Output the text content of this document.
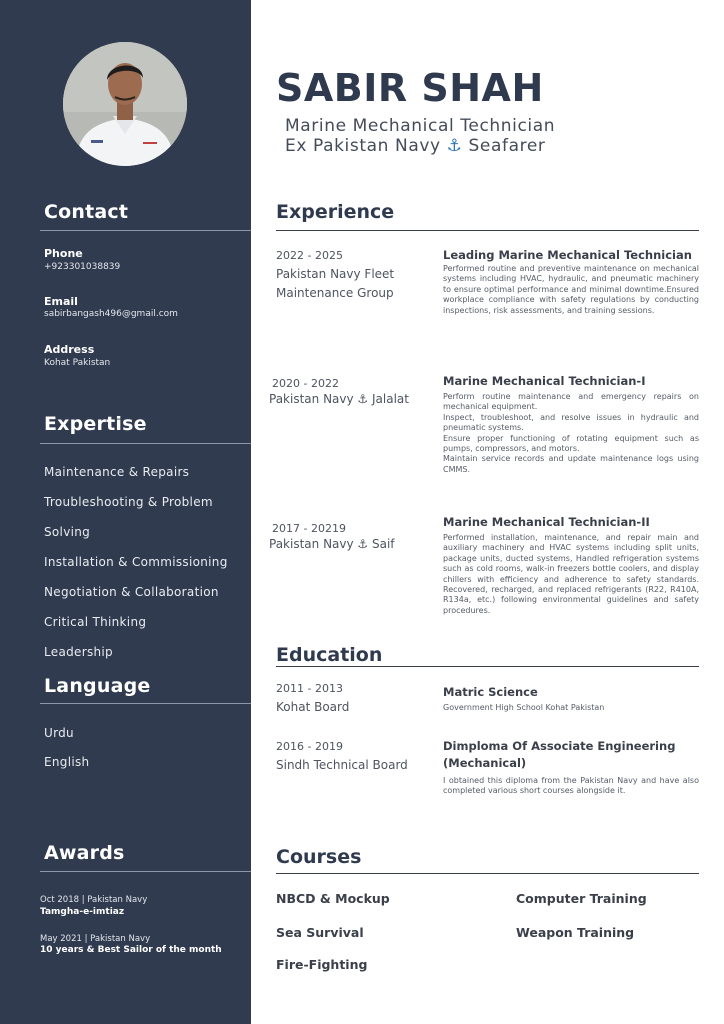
Contact
Phone
+923301038839
Email
sabirbangash496@gmail.com
Address
Kohat Pakistan
Expertise
Maintenance & Repairs
Troubleshooting & Problem
Solving
Installation & Commissioning
Negotiation & Collaboration
Critical Thinking
Leadership
Language
Urdu
English
Awards
Oct 2018 | Pakistan Navy
Tamgha-e-imtiaz
May 2021 | Pakistan Navy
10 years & Best Sailor of the month
SABIR SHAH
Marine Mechanical Technician
Ex Pakistan Navy ⚓ Seafarer
Experience
2022 - 2025
Pakistan Navy Fleet
Maintenance Group
Leading Marine Mechanical Technician
Performed routine and preventive maintenance on mechanical systems including HVAC, hydraulic, and pneumatic machinery to ensure optimal performance and minimal downtime.Ensured workplace compliance with safety regulations by conducting inspections, risk assessments, and training sessions.
2020 - 2022
Pakistan Navy ⚓ Jalalat
Marine Mechanical Technician-I
Perform routine maintenance and emergency repairs on mechanical equipment.
Inspect, troubleshoot, and resolve issues in hydraulic and pneumatic systems.
Ensure proper functioning of rotating equipment such as pumps, compressors, and motors.
Maintain service records and update maintenance logs using CMMS.
2017 - 20219
Pakistan Navy ⚓ Saif
Marine Mechanical Technician-II
Performed installation, maintenance, and repair main and auxiliary machinery and HVAC systems including split units, package units, ducted systems, Handled refrigeration systems such as cold rooms, walk-in freezers bottle coolers, and display chillers with efficiency and adherence to safety standards. Recovered, recharged, and replaced refrigerants (R22, R410A, R134a, etc.) following environmental guidelines and safety procedures.
Education
2011 - 2013
Kohat Board
Matric Science
Government High School Kohat Pakistan
2016 - 2019
Sindh Technical Board
Dimploma Of Associate Engineering
(Mechanical)
I obtained this diploma from the Pakistan Navy and have also completed various short courses alongside it.
Courses
NBCD & Mockup	Computer Training
Sea Survival	Weapon Training
Fire-Fighting
